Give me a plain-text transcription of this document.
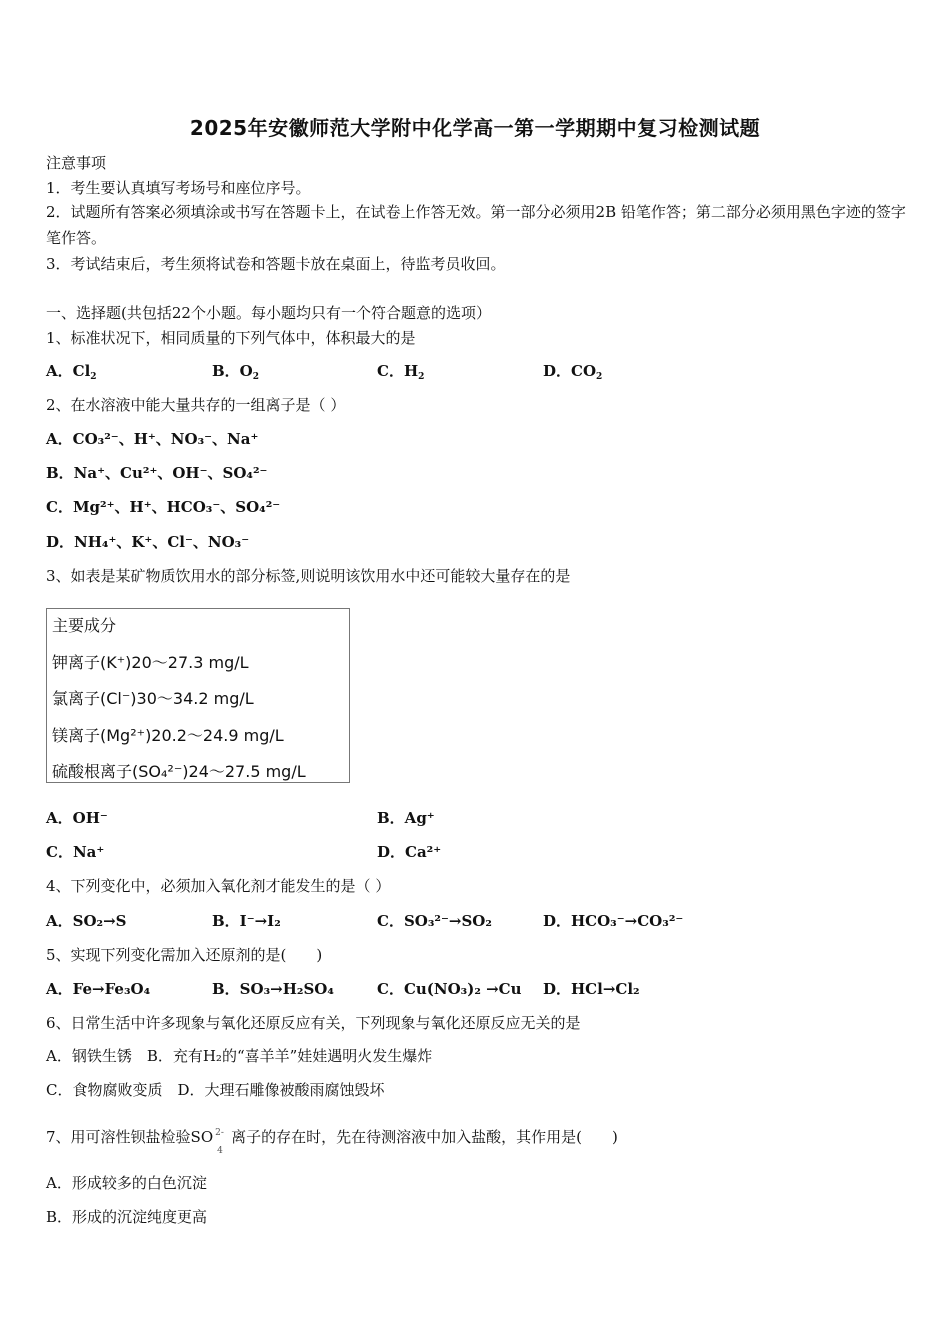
2025年安徽师范大学附中化学高一第一学期期中复习检测试题
注意事项
1．考生要认真填写考场号和座位序号。
2．试题所有答案必须填涂或书写在答题卡上，在试卷上作答无效。第一部分必须用2B 铅笔作答；第二部分必须用黑色字迹的签字笔作答。
3．考试结束后，考生须将试卷和答题卡放在桌面上，待监考员收回。
一、选择题(共包括22个小题。每小题均只有一个符合题意的选项）
1、标准状况下，相同质量的下列气体中，体积最大的是
A．$Cl_2$	B．$O_2$	C．$H_2$	D．$CO_2$
2、在水溶液中能大量共存的一组离子是（ ）
A．CO₃²⁻、H⁺、NO₃⁻、Na⁺
B．Na⁺、Cu²⁺、OH⁻、SO₄²⁻
C．Mg²⁺、H⁺、HCO₃⁻、SO₄²⁻
D．NH₄⁺、K⁺、Cl⁻、NO₃⁻
3、如表是某矿物质饮用水的部分标签,则说明该饮用水中还可能较大量存在的是
主要成分
钾离子(K⁺)20～27.3 mg/L
氯离子(Cl⁻)30～34.2 mg/L
镁离子(Mg²⁺)20.2～24.9 mg/L
硫酸根离子(SO₄²⁻)24～27.5 mg/L
A．OH⁻	B．Ag⁺
C．Na⁺	D．Ca²⁺
4、下列变化中，必须加入氧化剂才能发生的是（ ）
A．SO₂→S	B．I⁻→I₂	C．SO₃²⁻→SO₂	D．HCO₃⁻→CO₃²⁻
5、实现下列变化需加入还原剂的是(　　)
A．Fe→Fe₃O₄	B．SO₃→H₂SO₄	C．Cu(NO₃)₂ →Cu D．HCl→Cl₂
6、日常生活中许多现象与氧化还原反应有关，下列现象与氧化还原反应无关的是
A．钢铁生锈　B．充有H₂的“喜羊羊”娃娃遇明火发生爆炸
C．食物腐败变质　D．大理石雕像被酸雨腐蚀毁坏
7、用可溶性钡盐检验SO 2-
4
离子的存在时，先在待测溶液中加入盐酸，其作用是(　　)
A．形成较多的白色沉淀
B．形成的沉淀纯度更高
